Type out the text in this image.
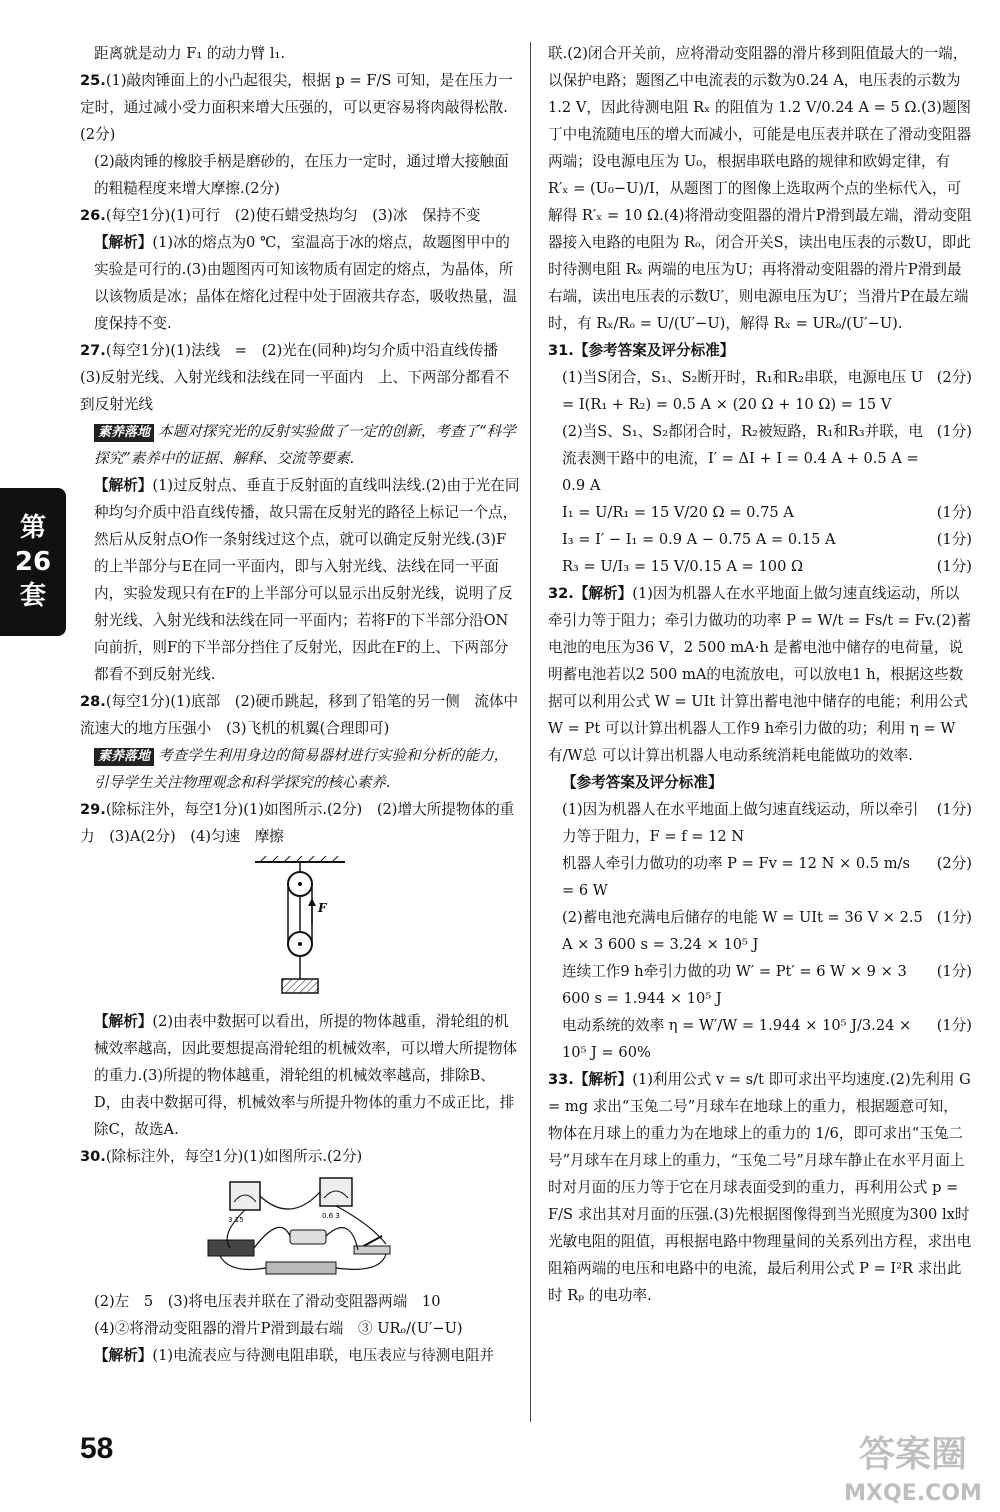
第
26
套

距离就是动力 F₁ 的动力臂 l₁.

25.(1)敲肉锤面上的小凸起很尖，根据 p = F/S 可知，是在压力一定时，通过减小受力面积来增大压强的，可以更容易将肉敲得松散.(2分)

(2)敲肉锤的橡胶手柄是磨砂的，在压力一定时，通过增大接触面的粗糙程度来增大摩擦.(2分)

26.(每空1分)(1)可行　(2)使石蜡受热均匀　(3)冰　保持不变

【解析】(1)冰的熔点为0 ℃，室温高于冰的熔点，故题图甲中的实验是可行的.(3)由题图丙可知该物质有固定的熔点，为晶体，所以该物质是冰；晶体在熔化过程中处于固液共存态，吸收热量，温度保持不变.

27.(每空1分)(1)法线　=　(2)光在(同种)均匀介质中沿直线传播　(3)反射光线、入射光线和法线在同一平面内　上、下两部分都看不到反射光线

素养落地 本题对探究光的反射实验做了一定的创新，考查了“科学探究”素养中的证据、解释、交流等要素.

【解析】(1)过反射点、垂直于反射面的直线叫法线.(2)由于光在同种均匀介质中沿直线传播，故只需在反射光的路径上标记一个点，然后从反射点O作一条射线过这个点，就可以确定反射光线.(3)F的上半部分与E在同一平面内，即与入射光线、法线在同一平面内，实验发现只有在F的上半部分可以显示出反射光线，说明了反射光线、入射光线和法线在同一平面内；若将F的下半部分沿ON向前折，则F的下半部分挡住了反射光，因此在F的上、下两部分都看不到反射光线.

28.(每空1分)(1)底部　(2)硬币跳起，移到了铅笔的另一侧　流体中流速大的地方压强小　(3)飞机的机翼(合理即可)

素养落地 考查学生利用身边的简易器材进行实验和分析的能力，引导学生关注物理观念和科学探究的核心素养.

29.(除标注外，每空1分)(1)如图所示.(2分)　(2)增大所提物体的重力　(3)A(2分)　(4)匀速　摩擦

F

【解析】(2)由表中数据可以看出，所提的物体越重，滑轮组的机械效率越高，因此要想提高滑轮组的机械效率，可以增大所提物体的重力.(3)所提的物体越重，滑轮组的机械效率越高，排除B、D，由表中数据可得，机械效率与所提升物体的重力不成正比，排除C，故选A.

30.(除标注外，每空1分)(1)如图所示.(2分)

0.6 3
3 15

(2)左　5　(3)将电压表并联在了滑动变阻器两端　10

(4)②将滑动变阻器的滑片P滑到最右端　③ URₒ/(U′−U)

【解析】(1)电流表应与待测电阻串联，电压表应与待测电阻并

联.(2)闭合开关前，应将滑动变阻器的滑片移到阻值最大的一端，以保护电路；题图乙中电流表的示数为0.24 A，电压表的示数为1.2 V，因此待测电阻 Rₓ 的阻值为 1.2 V/0.24 A = 5 Ω.(3)题图丁中电流随电压的增大而减小，可能是电压表并联在了滑动变阻器两端；设电源电压为 U₀，根据串联电路的规律和欧姆定律，有 R′ₓ = (U₀−U)/I，从题图丁的图像上选取两个点的坐标代入，可解得 R′ₓ = 10 Ω.(4)将滑动变阻器的滑片P滑到最左端，滑动变阻器接入电路的电阻为 Rₒ，闭合开关S，读出电压表的示数U，即此时待测电阻 Rₓ 两端的电压为U；再将滑动变阻器的滑片P滑到最右端，读出电压表的示数U′，则电源电压为U′；当滑片P在最左端时，有 Rₓ/Rₒ = U/(U′−U)，解得 Rₓ = URₒ/(U′−U).

31.【参考答案及评分标准】

(1)当S闭合，S₁、S₂断开时，R₁和R₂串联，电源电压 U = I(R₁ + R₂) = 0.5 A × (20 Ω + 10 Ω) = 15 V
(2分)
(2)当S、S₁、S₂都闭合时，R₂被短路，R₁和R₃并联，电流表测干路中的电流，I′ = ΔI + I = 0.4 A + 0.5 A = 0.9 A
(1分)
I₁ = U/R₁ = 15 V/20 Ω = 0.75 A	(1分)
I₃ = I′ − I₁ = 0.9 A − 0.75 A = 0.15 A	(1分)
R₃ = U/I₃ = 15 V/0.15 A = 100 Ω	(1分)

32.【解析】(1)因为机器人在水平地面上做匀速直线运动，所以牵引力等于阻力；牵引力做功的功率 P = W/t = Fs/t = Fv.(2)蓄电池的电压为36 V，2 500 mA·h 是蓄电池中储存的电荷量，说明蓄电池若以2 500 mA的电流放电，可以放电1 h，根据这些数据可以利用公式 W = UIt 计算出蓄电池中储存的电能；利用公式 W = Pt 可以计算出机器人工作9 h牵引力做的功；利用 η = W有/W总 可以计算出机器人电动系统消耗电能做功的效率.

【参考答案及评分标准】

(1)因为机器人在水平地面上做匀速直线运动，所以牵引力等于阻力，F = f = 12 N
(1分)
机器人牵引力做功的功率 P = Fv = 12 N × 0.5 m/s = 6 W
(2分)
(2)蓄电池充满电后储存的电能 W = UIt = 36 V × 2.5 A × 3 600 s = 3.24 × 10⁵ J
(1分)
连续工作9 h牵引力做的功 W′ = Pt′ = 6 W × 9 × 3 600 s = 1.944 × 10⁵ J
(1分)
电动系统的效率 η = W′/W = 1.944 × 10⁵ J/3.24 × 10⁵ J = 60%
(1分)

33.【解析】(1)利用公式 v = s/t 即可求出平均速度.(2)先利用 G = mg 求出“玉兔二号”月球车在地球上的重力，根据题意可知，物体在月球上的重力为在地球上的重力的 1/6，即可求出“玉兔二号”月球车在月球上的重力，“玉兔二号”月球车静止在水平月面上时对月面的压力等于它在月球表面受到的重力，再利用公式 p = F/S 求出其对月面的压强.(3)先根据图像得到当光照度为300 lx时光敏电阻的阻值，再根据电路中物理量间的关系列出方程，求出电阻箱两端的电压和电路中的电流，最后利用公式 P = I²R 求出此时 Rₚ 的电功率.

58	答案圈
MXQE.COM
